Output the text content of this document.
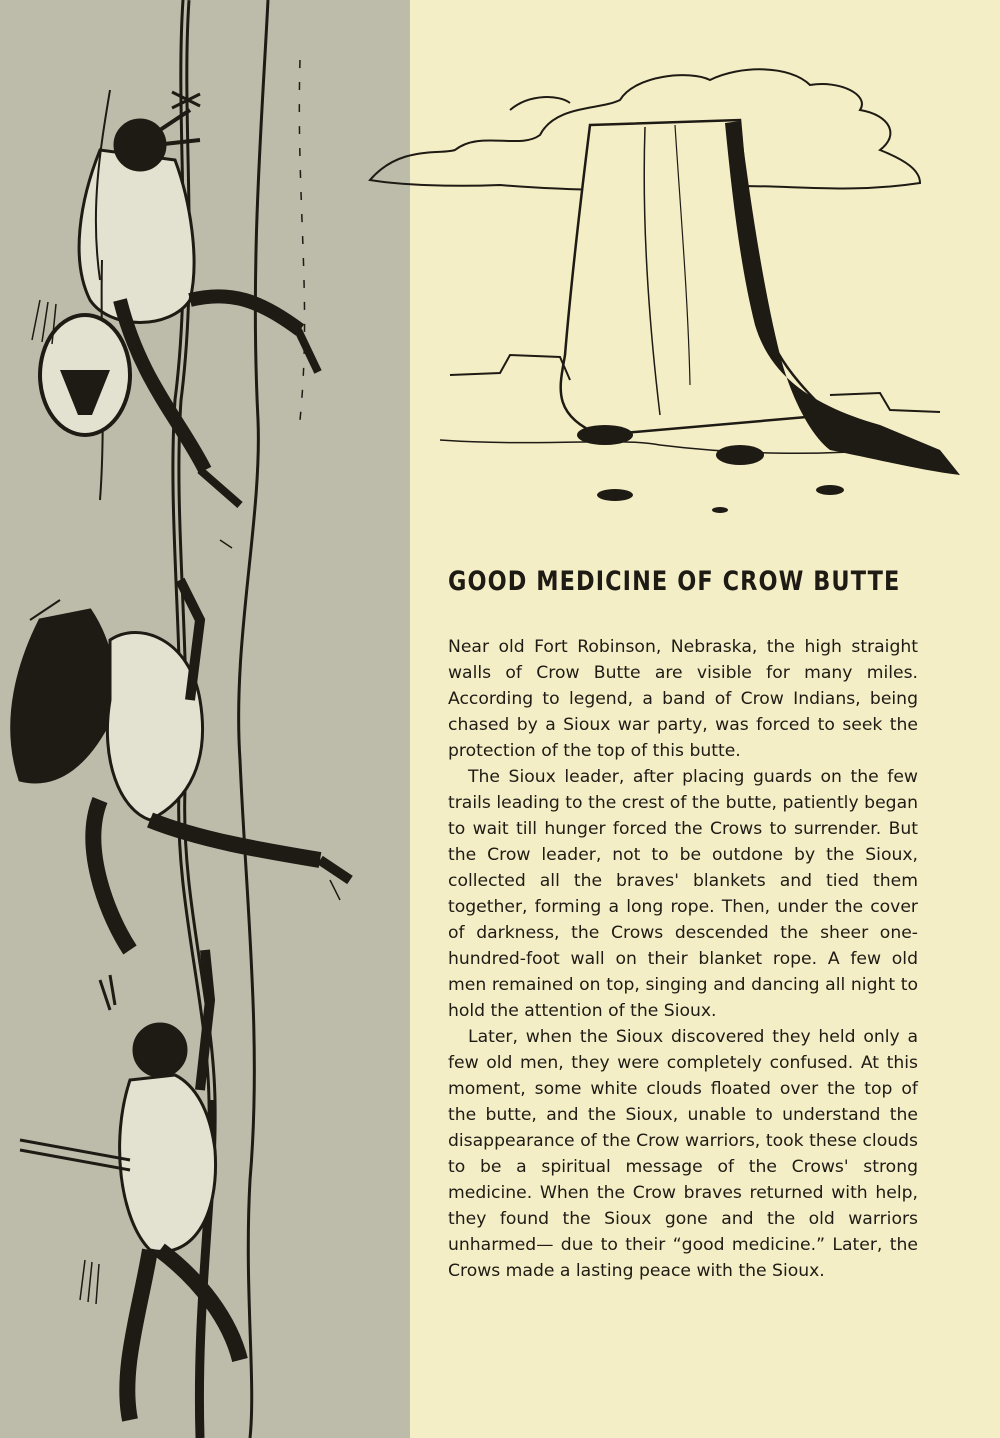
GOOD MEDICINE OF CROW BUTTE

Near old Fort Robinson, Nebraska, the high straight walls of Crow Butte are visible for many miles. According to legend, a band of Crow Indians, being chased by a Sioux war party, was forced to seek the protection of the top of this butte.

The Sioux leader, after placing guards on the few trails leading to the crest of the butte, patiently began to wait till hunger forced the Crows to surrender. But the Crow leader, not to be outdone by the Sioux, collected all the braves' blankets and tied them together, forming a long rope. Then, under the cover of darkness, the Crows descended the sheer one-hundred-foot wall on their blanket rope. A few old men remained on top, singing and dancing all night to hold the attention of the Sioux.

Later, when the Sioux discovered they held only a few old men, they were completely confused. At this moment, some white clouds floated over the top of the butte, and the Sioux, unable to understand the disappearance of the Crow warriors, took these clouds to be a spiritual message of the Crows' strong medicine. When the Crow braves returned with help, they found the Sioux gone and the old warriors unharmed— due to their “good medicine.” Later, the Crows made a lasting peace with the Sioux.
